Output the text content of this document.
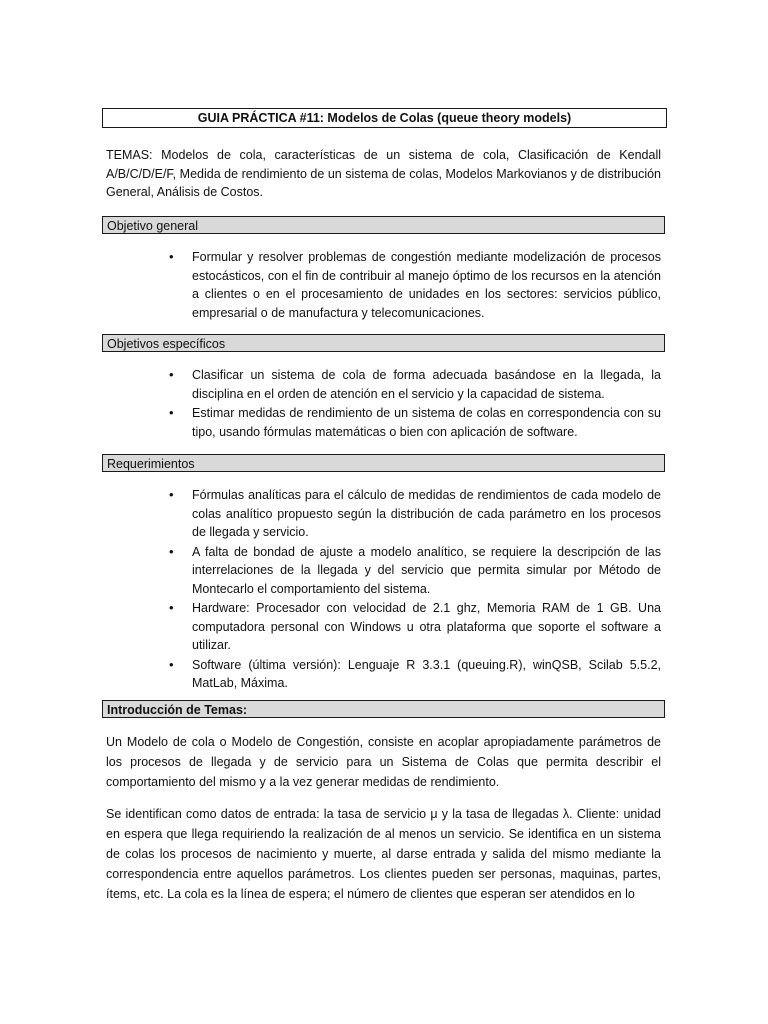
GUIA PRÁCTICA #11: Modelos de Colas (queue theory models)
TEMAS: Modelos de cola, características de un sistema de cola, Clasificación de Kendall A/B/C/D/E/F, Medida de rendimiento de un sistema de colas, Modelos Markovianos y de distribución General, Análisis de Costos.
Objetivo general
• Formular y resolver problemas de congestión mediante modelización de procesos estocásticos, con el fin de contribuir al manejo óptimo de los recursos en la atención a clientes o en el procesamiento de unidades en los sectores: servicios público, empresarial o de manufactura y telecomunicaciones.
Objetivos específicos
• Clasificar un sistema de cola de forma adecuada basándose en la llegada, la disciplina en el orden de atención en el servicio y la capacidad de sistema.
• Estimar medidas de rendimiento de un sistema de colas en correspondencia con su tipo, usando fórmulas matemáticas o bien con aplicación de software.
Requerimientos
• Fórmulas analíticas para el cálculo de medidas de rendimientos de cada modelo de colas analítico propuesto según la distribución de cada parámetro en los procesos de llegada y servicio.
• A falta de bondad de ajuste a modelo analítico, se requiere la descripción de las interrelaciones de la llegada y del servicio que permita simular por Método de Montecarlo el comportamiento del sistema.
• Hardware: Procesador con velocidad de 2.1 ghz, Memoria RAM de 1 GB. Una computadora personal con Windows u otra plataforma que soporte el software a utilizar.
• Software (última versión): Lenguaje R 3.3.1 (queuing.R), winQSB, Scilab 5.5.2, MatLab, Máxima.
Introducción de Temas:
Un Modelo de cola o Modelo de Congestión, consiste en acoplar apropiadamente parámetros de los procesos de llegada y de servicio para un Sistema de Colas que permita describir el comportamiento del mismo y a la vez generar medidas de rendimiento.
Se identifican como datos de entrada: la tasa de servicio μ y la tasa de llegadas λ. Cliente: unidad en espera que llega requiriendo la realización de al menos un servicio. Se identifica en un sistema de colas los procesos de nacimiento y muerte, al darse entrada y salida del mismo mediante la correspondencia entre aquellos parámetros. Los clientes pueden ser personas, maquinas, partes, ítems, etc. La cola es la línea de espera; el número de clientes que esperan ser atendidos en lo
